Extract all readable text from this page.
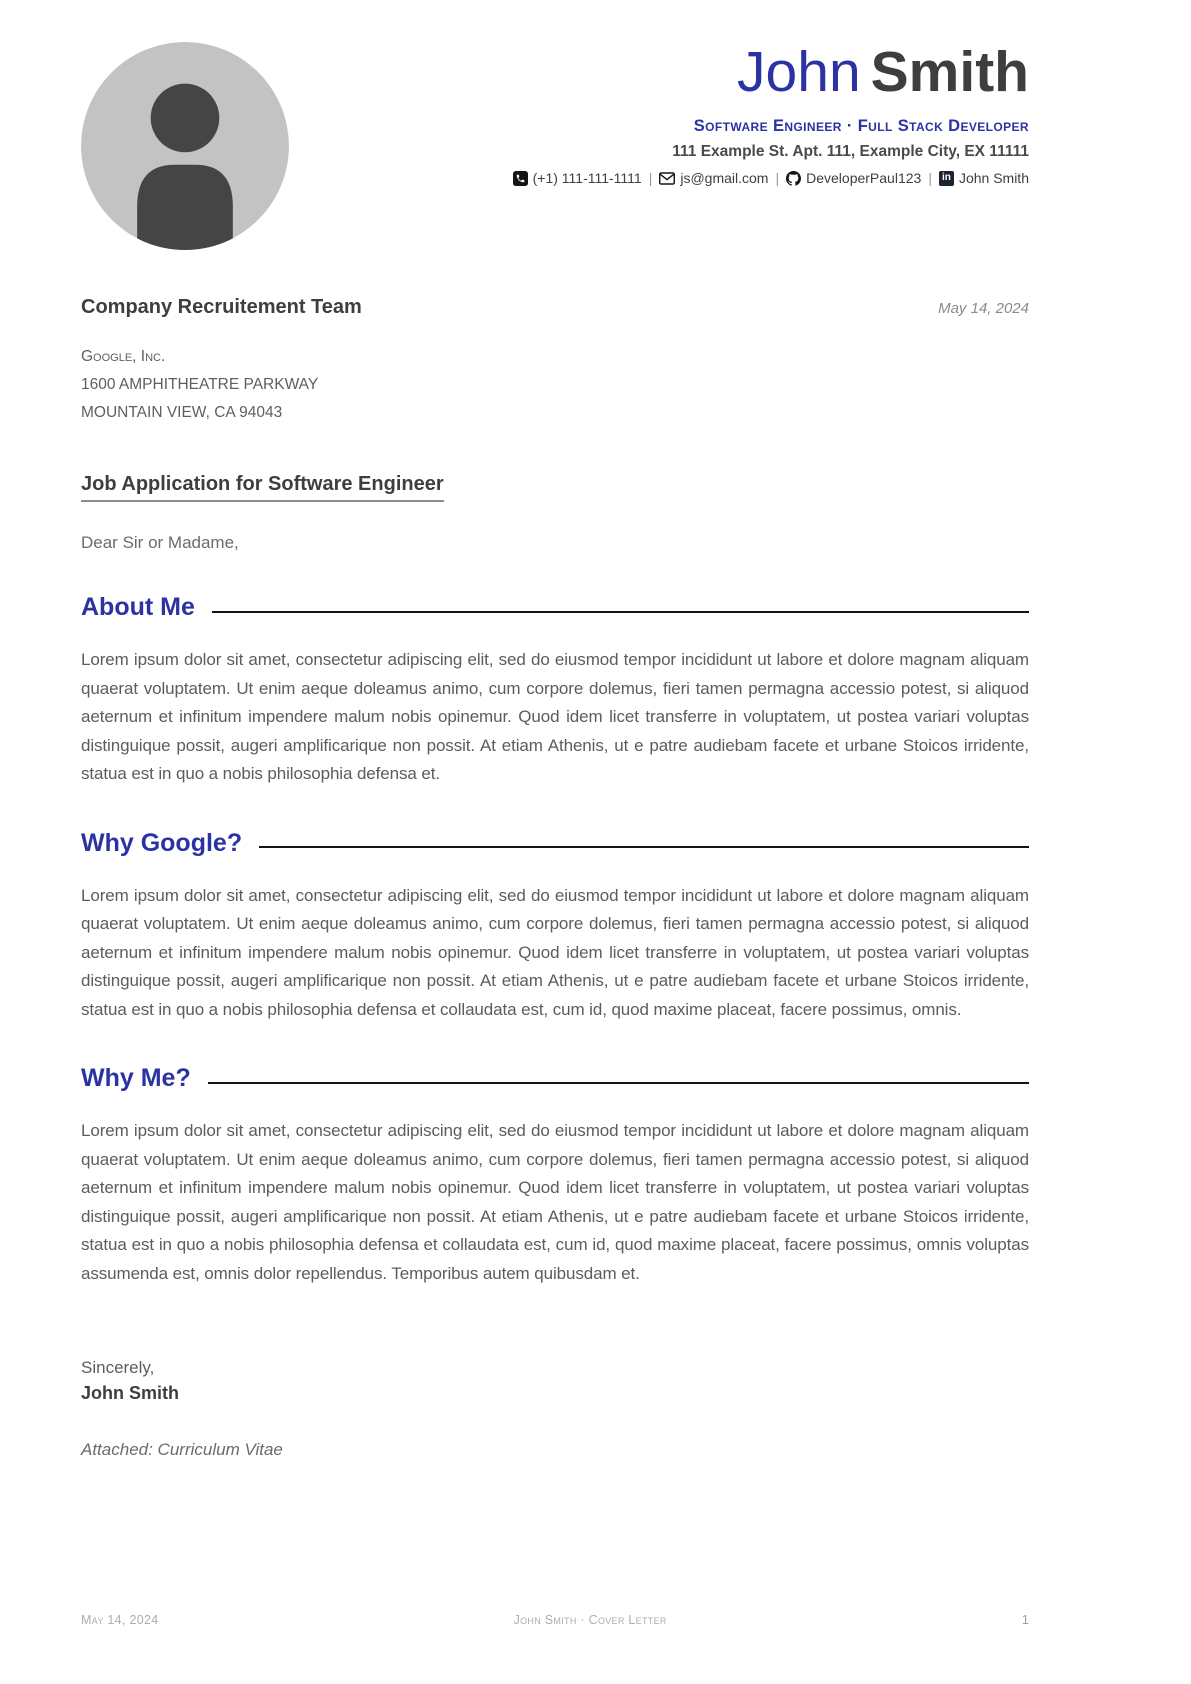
John Smith
Software Engineer · Full Stack Developer
111 Example St. Apt. 111, Example City, EX 11111
(+1) 111-111-1111 | js@gmail.com | DeveloperPaul123 |	in John Smith
Company Recruitement Team	May 14, 2024
Google, Inc.
1600 AMPHITHEATRE PARKWAY
MOUNTAIN VIEW, CA 94043
Job Application for Software Engineer
Dear Sir or Madame,
About Me

Lorem ipsum dolor sit amet, consectetur adipiscing elit, sed do eiusmod tempor incididunt ut labore et dolore magnam aliquam quaerat voluptatem. Ut enim aeque doleamus animo, cum corpore dolemus, fieri tamen permagna accessio potest, si aliquod aeternum et infinitum impendere malum nobis opinemur. Quod idem licet transferre in voluptatem, ut postea variari voluptas distinguique possit, augeri amplificarique non possit. At etiam Athenis, ut e patre audiebam facete et urbane Stoicos irridente, statua est in quo a nobis philosophia defensa et.

Why Google?

Lorem ipsum dolor sit amet, consectetur adipiscing elit, sed do eiusmod tempor incididunt ut labore et dolore magnam aliquam quaerat voluptatem. Ut enim aeque doleamus animo, cum corpore dolemus, fieri tamen permagna accessio potest, si aliquod aeternum et infinitum impendere malum nobis opinemur. Quod idem licet transferre in voluptatem, ut postea variari voluptas distinguique possit, augeri amplificarique non possit. At etiam Athenis, ut e patre audiebam facete et urbane Stoicos irridente, statua est in quo a nobis philosophia defensa et collaudata est, cum id, quod maxime placeat, facere possimus, omnis.

Why Me?

Lorem ipsum dolor sit amet, consectetur adipiscing elit, sed do eiusmod tempor incididunt ut labore et dolore magnam aliquam quaerat voluptatem. Ut enim aeque doleamus animo, cum corpore dolemus, fieri tamen permagna accessio potest, si aliquod aeternum et infinitum impendere malum nobis opinemur. Quod idem licet transferre in voluptatem, ut postea variari voluptas distinguique possit, augeri amplificarique non possit. At etiam Athenis, ut e patre audiebam facete et urbane Stoicos irridente, statua est in quo a nobis philosophia defensa et collaudata est, cum id, quod maxime placeat, facere possimus, omnis voluptas assumenda est, omnis dolor repellendus. Temporibus autem quibusdam et.

Sincerely,
John Smith
Attached: Curriculum Vitae
May 14, 2024	John Smith · Cover Letter	1
